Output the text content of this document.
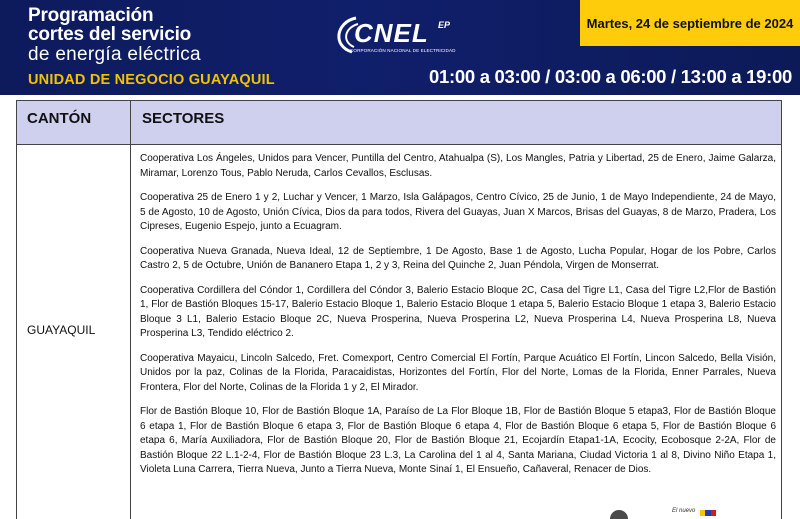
Programación
cortes del servicio
de energía eléctrica
UNIDAD DE NEGOCIO GUAYAQUIL
CNEL EP
CORPORACIÓN NACIONAL DE ELECTRICIDAD
Martes, 24 de septiembre de 2024
01:00 a 03:00 / 03:00 a 06:00 / 13:00 a 19:00
CANTÓN	SECTORES
GUAYAQUIL

Cooperativa Los Ángeles, Unidos para Vencer, Puntilla del Centro, Atahualpa (S), Los Mangles, Patria y Libertad, 25 de Enero, Jaime Galarza, Miramar, Lorenzo Tous, Pablo Neruda, Carlos Cevallos, Esclusas.

Cooperativa 25 de Enero 1 y 2, Luchar y Vencer, 1 Marzo, Isla Galápagos, Centro Cívico, 25 de Junio, 1 de Mayo Independiente, 24 de Mayo, 5 de Agosto, 10 de Agosto, Unión Cívica, Dios da para todos, Rivera del Guayas, Juan X Marcos, Brisas del Guayas, 8 de Marzo, Pradera, Los Cipreses, Eugenio Espejo, junto a Ecuagram.

Cooperativa Nueva Granada, Nueva Ideal, 12 de Septiembre, 1 De Agosto, Base 1 de Agosto, Lucha Popular, Hogar de los Pobre, Carlos Castro 2, 5 de Octubre, Unión de Bananero Etapa 1, 2 y 3, Reina del Quinche 2, Juan Péndola, Virgen de Monserrat.

Cooperativa Cordillera del Cóndor 1, Cordillera del Cóndor 3, Balerio Estacio Bloque 2C, Casa del Tigre L1, Casa del Tigre L2,Flor de Bastión 1, Flor de Bastión Bloques 15-17, Balerio Estacio Bloque 1, Balerio Estacio Bloque 1 etapa 5, Balerio Estacio Bloque 1 etapa 3, Balerio Estacio Bloque 3 L1, Balerio Estacio Bloque 2C, Nueva Prosperina, Nueva Prosperina L2, Nueva Prosperina L4, Nueva Prosperina L8, Nueva Prosperina L3, Tendido eléctrico 2.

Cooperativa Mayaicu, Lincoln Salcedo, Fret. Comexport, Centro Comercial El Fortín, Parque Acuático El Fortín, Lincon Salcedo, Bella Visión, Unidos por la paz, Colinas de la Florida, Paracaidistas, Horizontes del Fortín, Flor del Norte, Lomas de la Florida, Enner Parrales, Nueva Frontera, Flor del Norte, Colinas de la Florida 1 y 2, El Mirador.

Flor de Bastión Bloque 10, Flor de Bastión Bloque 1A, Paraíso de La Flor Bloque 1B, Flor de Bastión Bloque 5 etapa3, Flor de Bastión Bloque 6 etapa 1, Flor de Bastión Bloque 6 etapa 3, Flor de Bastión Bloque 6 etapa 4, Flor de Bastión Bloque 6 etapa 5, Flor de Bastión Bloque 6 etapa 6, María Auxiliadora, Flor de Bastión Bloque 20, Flor de Bastión Bloque 21, Ecojardín Etapa1-1A, Ecocity, Ecobosque 2-2A, Flor de Bastión Bloque 22 L.1-2-4, Flor de Bastión Bloque 23 L.3, La Carolina del 1 al 4, Santa Mariana, Ciudad Victoria 1 al 8, Divino Niño Etapa 1, Violeta Luna Carrera, Tierra Nueva, Junto a Tierra Nueva, Monte Sinaí 1, El Ensueño, Cañaveral, Renacer de Dios.

El nuevo
